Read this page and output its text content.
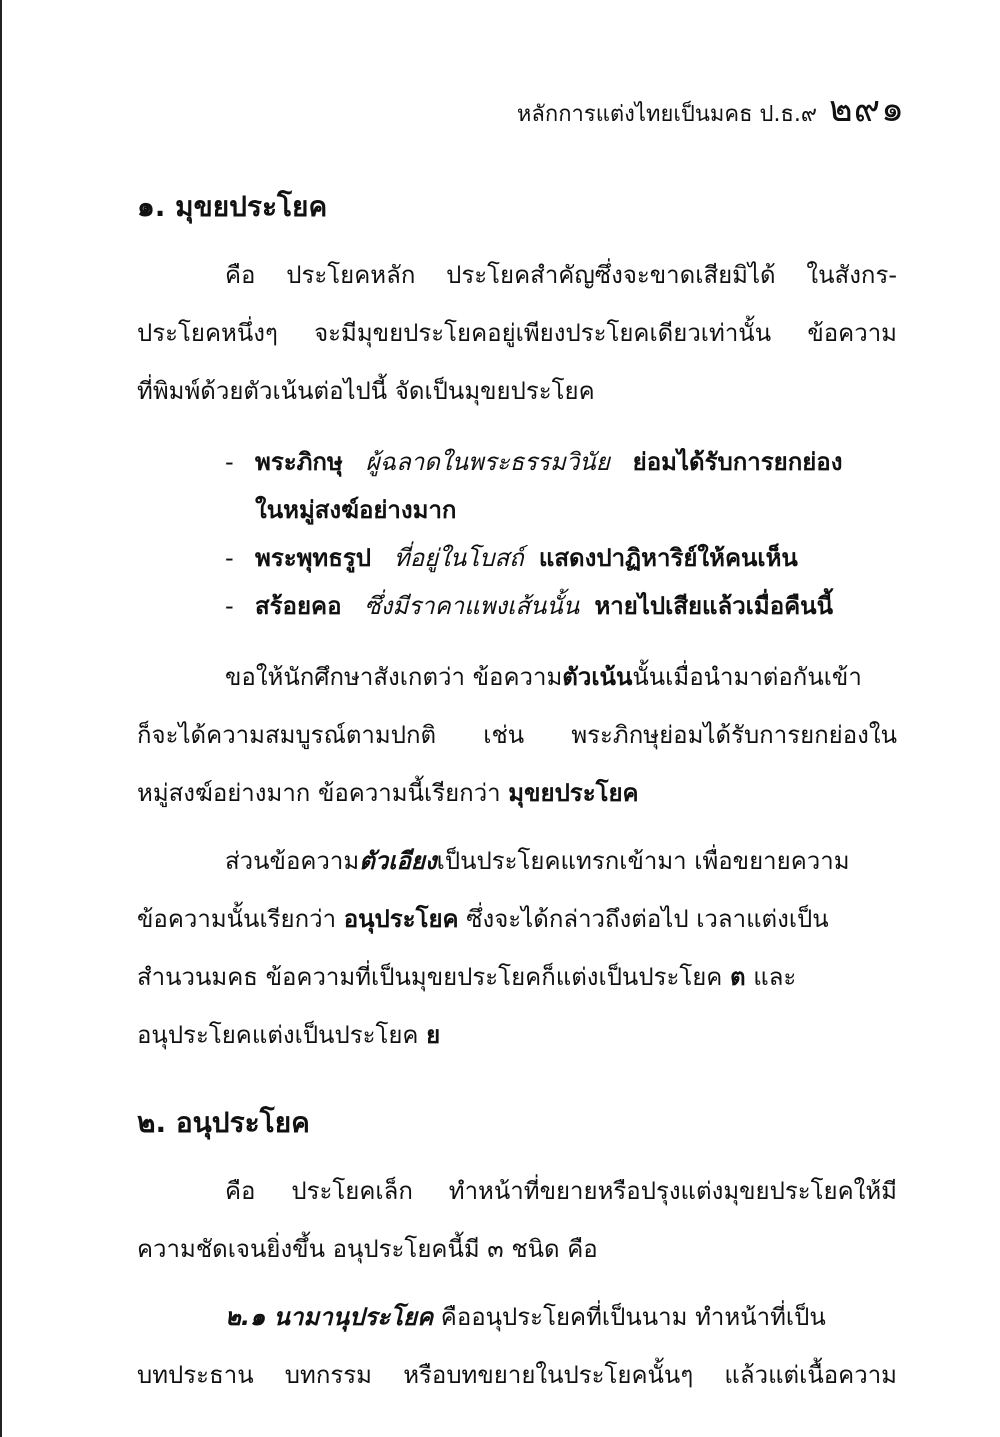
หลักการแต่งไทยเป็นมคธ ป.ธ.๙ ๒๙๑
๑. มุขยประโยค
คือ ประโยคหลัก ประโยคสำคัญซึ่งจะขาดเสียมิได้ ในสังกร-
ประโยคหนึ่งๆ จะมีมุขยประโยคอยู่เพียงประโยคเดียวเท่านั้น ข้อความ
ที่พิมพ์ด้วยตัวเน้นต่อไปนี้ จัดเป็นมุขยประโยค
- พระภิกษุ ผู้ฉลาดในพระธรรมวินัย ย่อมได้รับการยกย่อง
ในหมู่สงฆ์อย่างมาก
- พระพุทธรูป ที่อยู่ในโบสถ์ แสดงปาฏิหาริย์ให้คนเห็น
- สร้อยคอ ซึ่งมีราคาแพงเส้นนั้น หายไปเสียแล้วเมื่อคืนนี้
ขอให้นักศึกษาสังเกตว่า ข้อความตัวเน้นนั้นเมื่อนำมาต่อกันเข้า
ก็จะได้ความสมบูรณ์ตามปกติ เช่น พระภิกษุย่อมได้รับการยกย่องใน
หมู่สงฆ์อย่างมาก ข้อความนี้เรียกว่า มุขยประโยค
ส่วนข้อความตัวเอียงเป็นประโยคแทรกเข้ามา เพื่อขยายความ
ข้อความนั้นเรียกว่า อนุประโยค ซึ่งจะได้กล่าวถึงต่อไป เวลาแต่งเป็น
สำนวนมคธ ข้อความที่เป็นมุขยประโยคก็แต่งเป็นประโยค ต และ
อนุประโยคแต่งเป็นประโยค ย
๒. อนุประโยค
คือ ประโยคเล็ก ทำหน้าที่ขยายหรือปรุงแต่งมุขยประโยคให้มี
ความชัดเจนยิ่งขึ้น อนุประโยคนี้มี ๓ ชนิด คือ
๒.๑ นามานุประโยค คืออนุประโยคที่เป็นนาม ทำหน้าที่เป็น
บทประธาน บทกรรม หรือบทขยายในประโยคนั้นๆ แล้วแต่เนื้อความ
